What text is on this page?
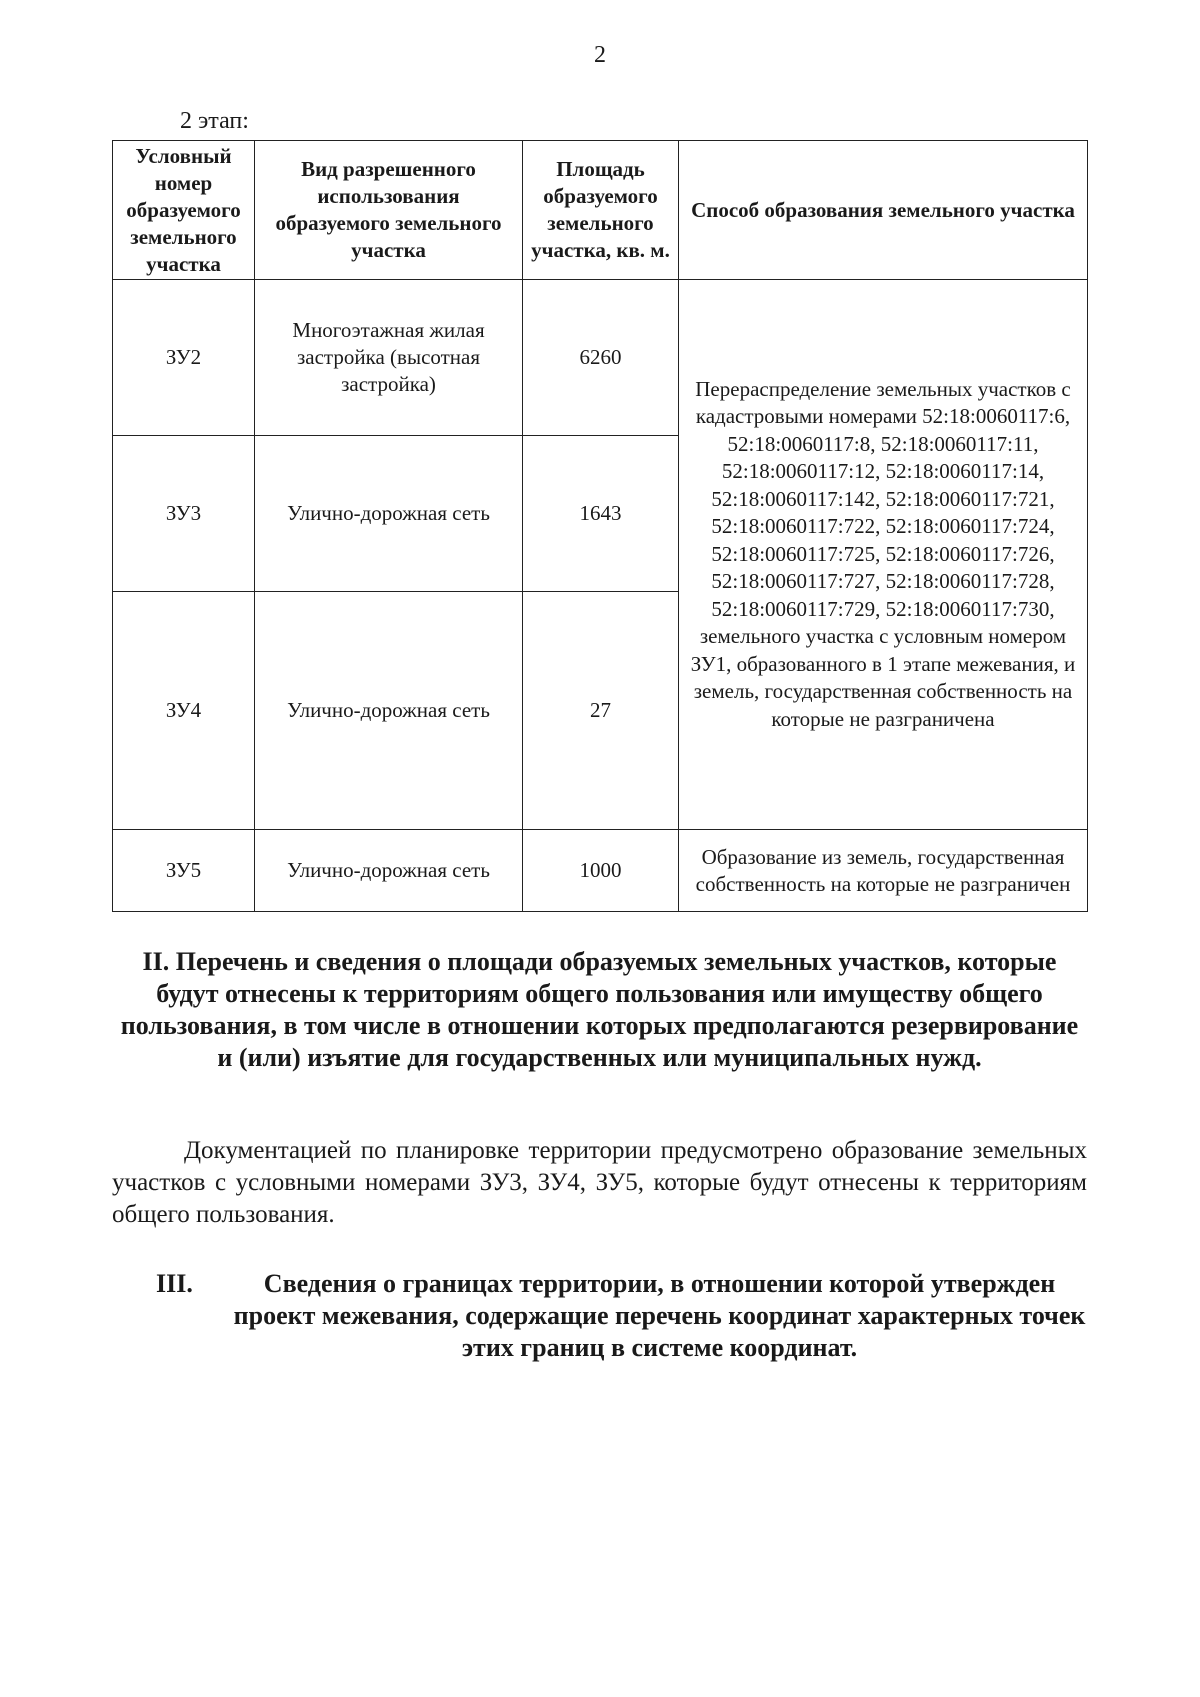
2
2 этап:
Условный номер образуемого земельного участка	Вид разрешенного использования образуемого земельного участка	Площадь образуемого земельного участка, кв. м.	Способ образования земельного участка
ЗУ2	Многоэтажная жилая застройка (высотная застройка)	6260	Перераспределение земельных участков с кадастровыми номерами 52:18:0060117:6, 52:18:0060117:8, 52:18:0060117:11, 52:18:0060117:12, 52:18:0060117:14, 52:18:0060117:142, 52:18:0060117:721, 52:18:0060117:722, 52:18:0060117:724, 52:18:0060117:725, 52:18:0060117:726, 52:18:0060117:727, 52:18:0060117:728, 52:18:0060117:729, 52:18:0060117:730, земельного участка с условным номером ЗУ1, образованного в 1 этапе межевания, и земель, государственная собственность на которые не разграничена
ЗУ3	Улично-дорожная сеть	1643	
ЗУ4	Улично-дорожная сеть	27	
ЗУ5	Улично-дорожная сеть	1000	Образование из земель, государственная собственность на которые не разграничен
II. Перечень и сведения о площади образуемых земельных участков, которые будут отнесены к территориям общего пользования или имуществу общего пользования, в том числе в отношении которых предполагаются резервирование и (или) изъятие для государственных или муниципальных нужд.
Документацией по планировке территории предусмотрено образование земельных участков с условными номерами ЗУ3, ЗУ4, ЗУ5, которые будут отнесены к территориям общего пользования.
III.	Сведения о границах территории, в отношении которой утвержден проект межевания, содержащие перечень координат характерных точек этих границ в системе координат.
